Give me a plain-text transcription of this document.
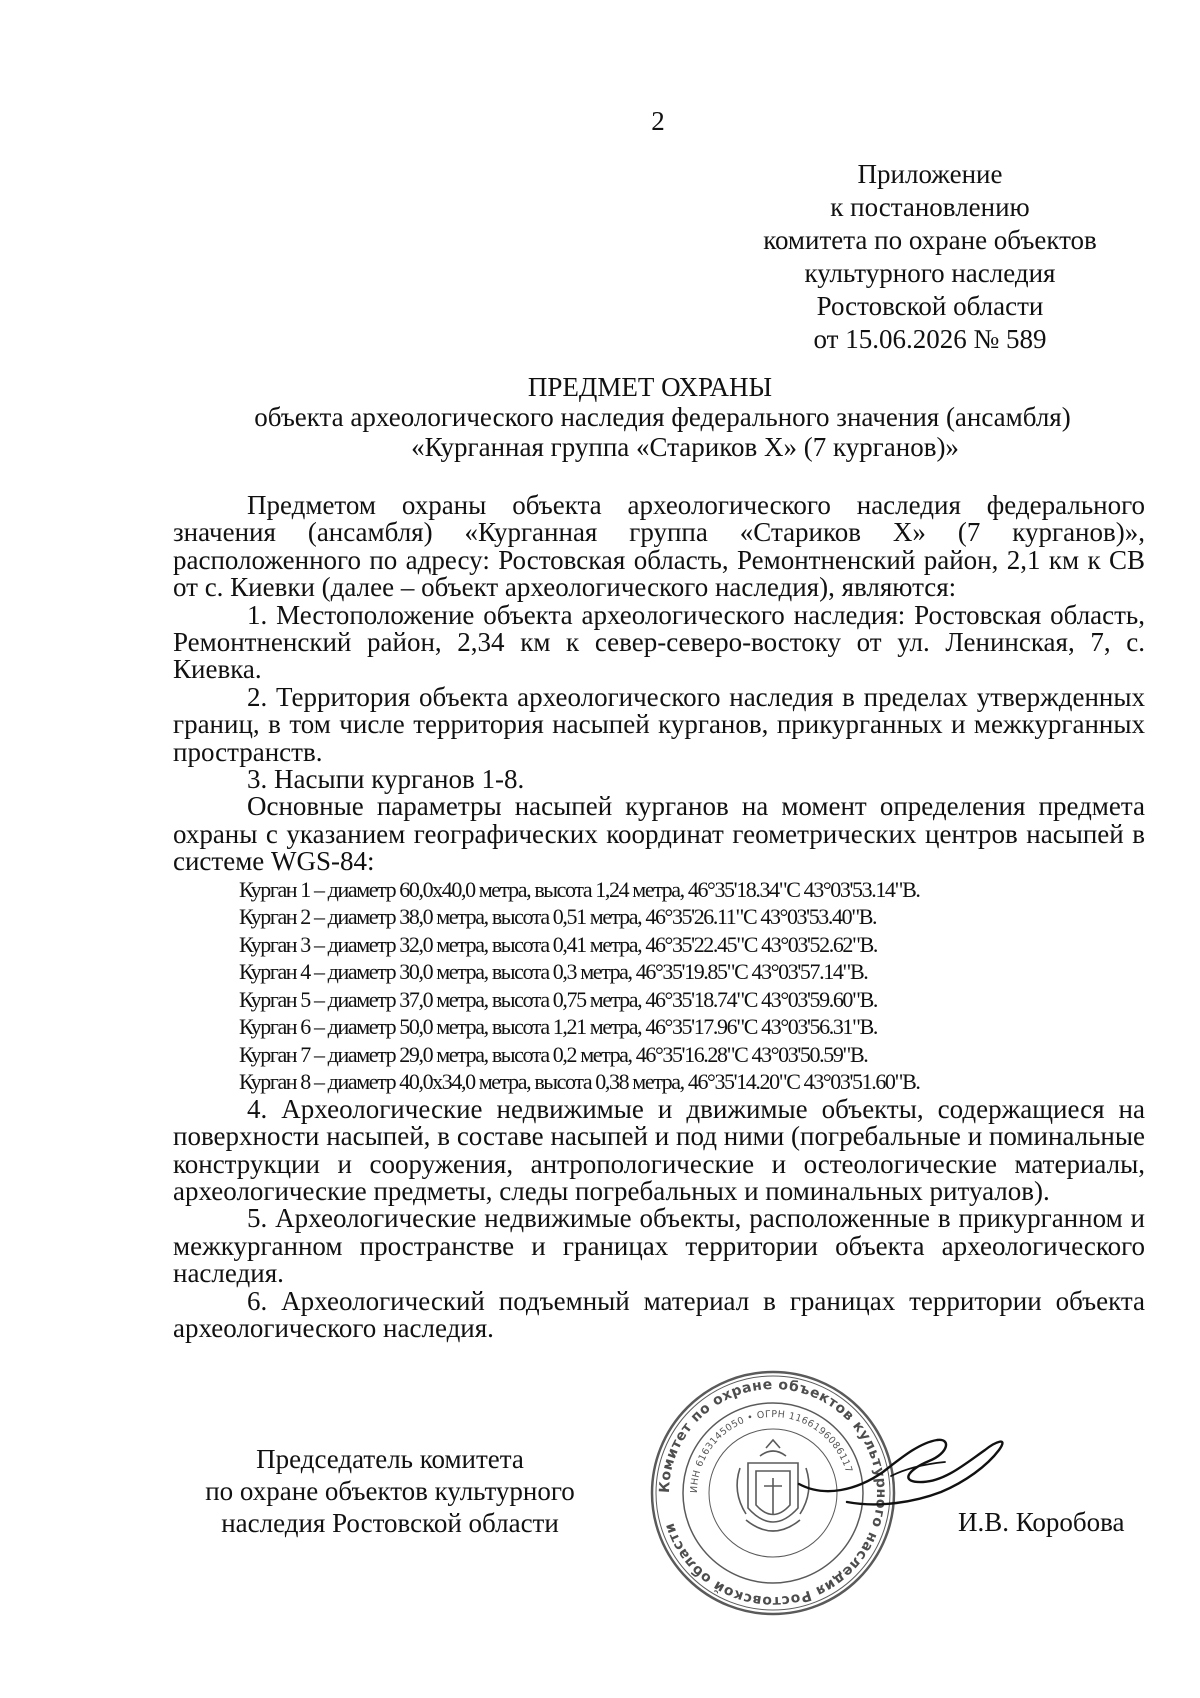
2
Приложение
к постановлению
комитета по охране объектов
культурного наследия
Ростовской области
от 15.06.2026 № 589
ПРЕДМЕТ ОХРАНЫ
объекта археологического наследия федерального значения (ансамбля)
«Курганная группа «Стариков Х» (7 курганов)»

Предметом охраны объекта археологического наследия федерального значения (ансамбля) «Курганная группа «Стариков Х» (7 курганов)», расположенного по адресу: Ростовская область, Ремонтненский район, 2,1 км к СВ от с. Киевки (далее – объект археологического наследия), являются:

1. Местоположение объекта археологического наследия: Ростовская область, Ремонтненский район, 2,34 км к север-северо-востоку от ул. Ленинская, 7, с. Киевка.

2. Территория объекта археологического наследия в пределах утвержденных границ, в том числе территория насыпей курганов, прикурганных и межкурганных пространств.

3. Насыпи курганов 1-8.

Основные параметры насыпей курганов на момент определения предмета охраны с указанием географических координат геометрических центров насыпей в системе WGS-84:

Курган 1 – диаметр 60,0х40,0 метра, высота 1,24 метра, 46°35'18.34"С 43°03'53.14"В.
Курган 2 – диаметр 38,0 метра, высота 0,51 метра, 46°35'26.11"С 43°03'53.40"В.
Курган 3 – диаметр 32,0 метра, высота 0,41 метра, 46°35'22.45"С 43°03'52.62"В.
Курган 4 – диаметр 30,0 метра, высота 0,3 метра, 46°35'19.85"С 43°03'57.14"В.
Курган 5 – диаметр 37,0 метра, высота 0,75 метра, 46°35'18.74"С 43°03'59.60"В.
Курган 6 – диаметр 50,0 метра, высота 1,21 метра, 46°35'17.96"С 43°03'56.31"В.
Курган 7 – диаметр 29,0 метра, высота 0,2 метра, 46°35'16.28"С 43°03'50.59"В.
Курган 8 – диаметр 40,0х34,0 метра, высота 0,38 метра, 46°35'14.20"С 43°03'51.60"В.

4. Археологические недвижимые и движимые объекты, содержащиеся на поверхности насыпей, в составе насыпей и под ними (погребальные и поминальные конструкции и сооружения, антропологические и остеологические материалы, археологические предметы, следы погребальных и поминальных ритуалов).

5. Археологические недвижимые объекты, расположенные в прикурганном и межкурганном пространстве и границах территории объекта археологического наследия.

6. Археологический подъемный материал в границах территории объекта археологического наследия.

Председатель комитета
по охране объектов культурного
наследия Ростовской области
Комитет по охране объектов культурного наследия Ростовской области
ИНН 6163145050 • ОГРН 1166196086117
И.В. Коробова
